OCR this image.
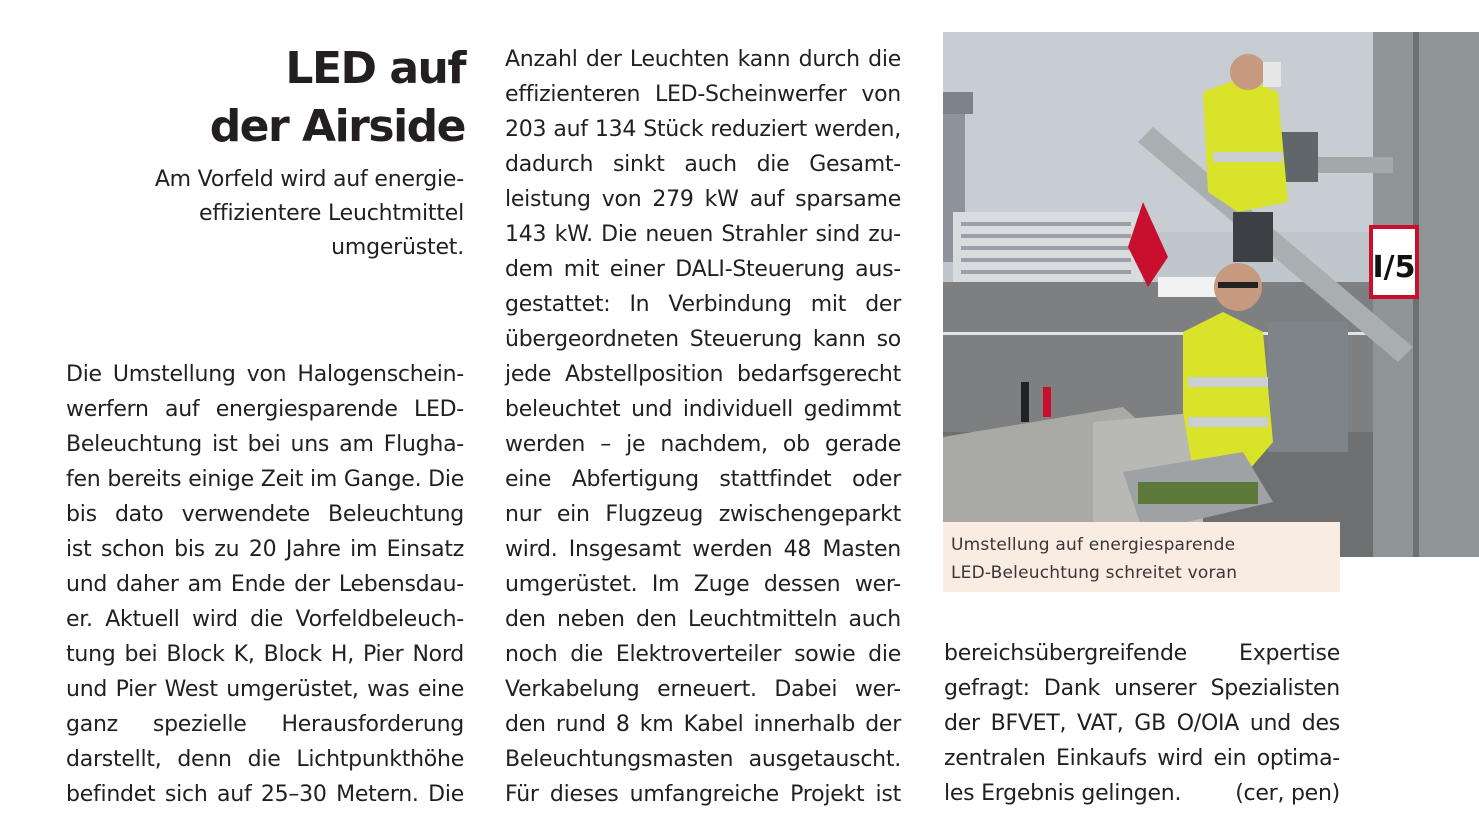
LED auf
der Airside
Am Vorfeld wird auf energie-
effizientere Leuchtmittel
umgerüstet.
Die Umstellung von Halogenschein-
werfern auf energiesparende LED-
Beleuchtung ist bei uns am Flugha-
fen bereits einige Zeit im Gange. Die
bis dato verwendete Beleuchtung
ist schon bis zu 20 Jahre im Einsatz
und daher am Ende der Lebensdau-
er. Aktuell wird die Vorfeldbeleuch-
tung bei Block K, Block H, Pier Nord
und Pier West umgerüstet, was eine
ganz spezielle Herausforderung
darstellt, denn die Lichtpunkthöhe
befindet sich auf 25–30 Metern. Die
Anzahl der Leuchten kann durch die
effizienteren LED-Scheinwerfer von
203 auf 134 Stück reduziert werden,
dadurch sinkt auch die Gesamt-
leistung von 279 kW auf sparsame
143 kW. Die neuen Strahler sind zu-
dem mit einer DALI-Steuerung aus-
gestattet: In Verbindung mit der
übergeordneten Steuerung kann so
jede Abstellposition bedarfsgerecht
beleuchtet und individuell gedimmt
werden – je nachdem, ob gerade
eine Abfertigung stattfindet oder
nur ein Flugzeug zwischengeparkt
wird. Insgesamt werden 48 Masten
umgerüstet. Im Zuge dessen wer-
den neben den Leuchtmitteln auch
noch die Elektroverteiler sowie die
Verkabelung erneuert. Dabei wer-
den rund 8 km Kabel innerhalb der
Beleuchtungsmasten ausgetauscht.
Für dieses umfangreiche Projekt ist
I/5
Umstellung auf energiesparende
LED-Beleuchtung schreitet voran
bereichsübergreifende Expertise
gefragt: Dank unserer Spezialisten
der BFVET, VAT, GB O/OIA und des
zentralen Einkaufs wird ein optima-
les Ergebnis gelingen. (cer, pen)
